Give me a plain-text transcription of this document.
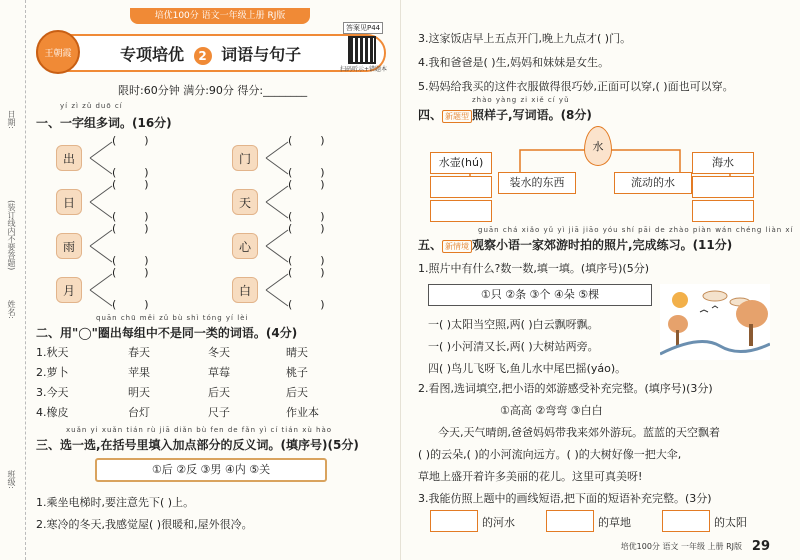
日期:
(装订线内不要答题)
姓名:
班级:
培优100分 语文一年级上册 RJ版
王朝霞	专项培优 2 词语与句子
答案见P44
扫码听示+错题本
限时:60分钟 满分:90分 得分:________
yí zì zǔ duō cí
一、一字组多词。(16分)
出
日
雨
月
门
天
心
白
(        )
(        )
(        )
(        )
(        )
(        )
(        )
(        )
(        )
(        )
(        )
(        )
(        )
(        )
(        )
(        )
quān chū měi zǔ bù shì tóng yí lèi
二、用"◯"圈出每组中不是同一类的词语。(4分)
1.秋天	春天	冬天	晴天
2.萝卜	苹果	草莓	桃子
3.今天	明天	后天	后天
4.橡皮	台灯	尺子	作业本
xuǎn yi xuǎn tián rù jiā diǎn bù fen de fǎn yì cí tián xù hào
三、选一选,在括号里填入加点部分的反义词。(填序号)(5分)
①后 ②反 ③男 ④内 ⑤关
1.乘坐电梯时,要注意先下( )上。
2.寒冷的冬天,我感觉屋( )很暖和,屋外很冷。
3.这家饭店早上五点开门,晚上九点才( )门。
4.我和爸爸是( )生,妈妈和妹妹是女生。
5.妈妈给我买的这件衣服做得很巧妙,正面可以穿,( )面也可以穿。
zhào yàng zi xiě cí yǔ
四、 新题型 照样子,写词语。(8分)
水
水壶(hú)
装水的东西	流动的水
海水
guān chá xiǎo yǔ yì jiā jiāo yóu shí pāi de zhào piàn wán chéng liàn xí
五、 新情境 观察小语一家郊游时拍的照片,完成练习。(11分)
1.照片中有什么?数一数,填一填。(填序号)(5分)
①只 ②条 ③个 ④朵 ⑤棵
一( )太阳当空照,两( )白云飘呀飘。
一( )小河清又长,两( )大树站两旁。
四( )鸟儿飞呀飞,鱼儿水中尾巴摇(yáo)。
2.看图,选词填空,把小语的郊游感受补充完整。(填序号)(3分)
①高高 ②弯弯 ③白白
今天,天气晴朗,爸爸妈妈带我来郊外游玩。蓝蓝的天空飘着
( )的云朵,( )的小河流向远方。( )的大树好像一把大伞,
草地上盛开着许多美丽的花儿。这里可真美呀!
3.我能仿照上题中的画线短语,把下面的短语补充完整。(3分)
的河水	的草地	的太阳
培优100分 语文 一年级 上册 RJ版 29
